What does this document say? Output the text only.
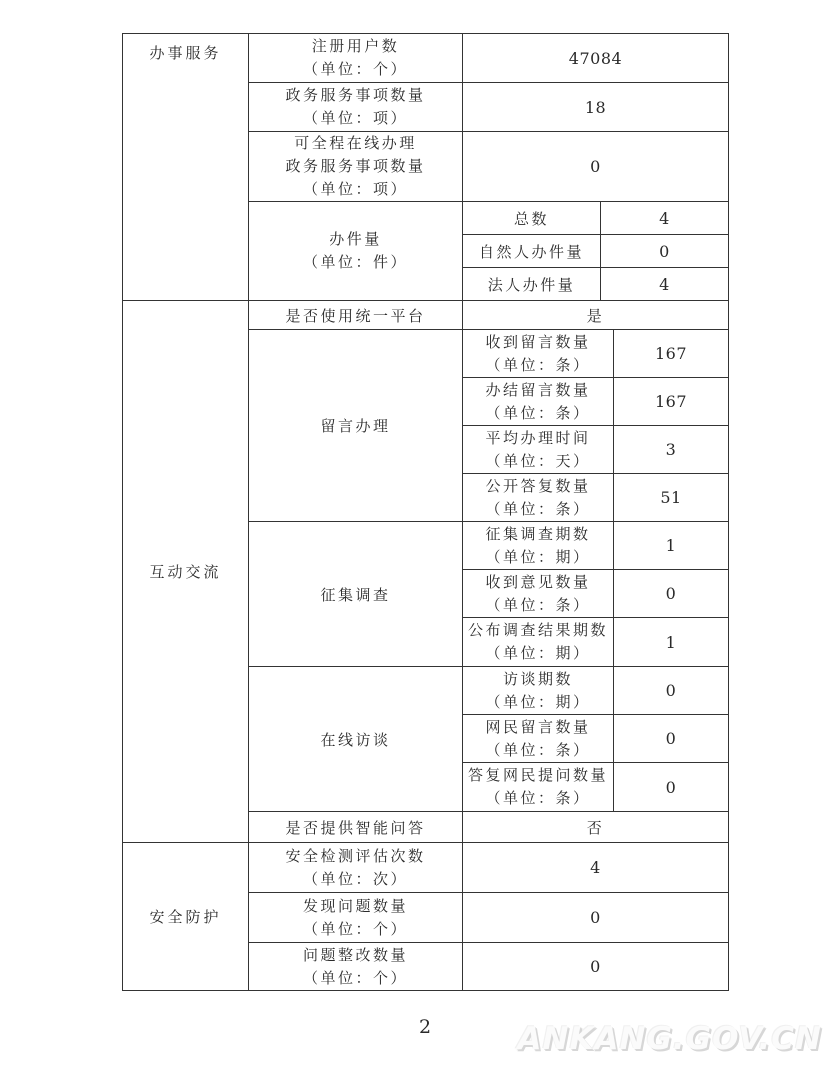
办事服务	注册用户数
（单位：个）	47084	

	政务服务事项数量
（单位：项）	18	

	可全程在线办理
政务服务事项数量
（单位：项）	0	

	办件量
（单位：件）	总数	4
		自然人办件量	0
		法人办件量	4
互动交流	是否使用统一平台	是	
	留言办理	收到留言数量
（单位：条）	167

		办结留言数量
（单位：条）	167

		平均办理时间
（单位：天）	3

		公开答复数量
（单位：条）	51
	征集调查	征集调查期数
（单位：期）	1

		收到意见数量
（单位：条）	0

		公布调查结果期数
（单位：期）	1
	在线访谈	访谈期数
（单位：期）	0

		网民留言数量
（单位：条）	0

		答复网民提问数量
（单位：条）	0
	是否提供智能问答	否	
安全防护	安全检测评估次数
（单位：次）	4

	发现问题数量
（单位：个）	0

	问题整改数量
（单位：个）	0
2	ANKANG.GOV.CN
